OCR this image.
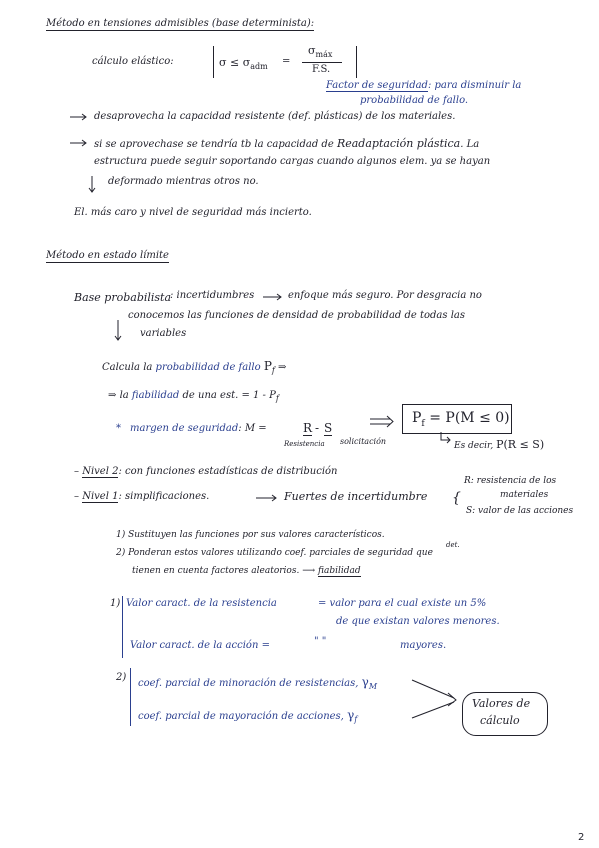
Método en tensiones admisibles (base determinista):
cálculo elástico:	$\sigma \le \sigma_{adm}$ =
$\sigma_{máx}$
F.S.
Factor de seguridad: para disminuir la
probabilidad de fallo.
desaprovecha la capacidad resistente (def. plásticas) de los materiales.
si se aprovechase se tendría tb la capacidad de Readaptación plástica. La
estructura puede seguir soportando cargas cuando algunos elem. ya se hayan
deformado mientras otros no.
El. más caro y nivel de seguridad más incierto.
Método en estado límite
Base probabilista
: incertidumbres	enfoque más seguro. Por desgracia no
conocemos las funciones de densidad de probabilidad de todas las
variables
Calcula la probabilidad de fallo $P_f$ ⇒
⇒ la fiabilidad de una est. = $1 - P_f$
* margen de seguridad: M =	R - S
Resistencia solicitación
$P_f = P(M \le 0)$
Es decir, P(R ≤ S)
– Nivel 2: con funciones estadísticas de distribución
– Nivel 1: simplificaciones.	Fuertes de incertidumbre {
R: resistencia de los
materiales
S: valor de las acciones
1) Sustituyen las funciones por sus valores característicos.
2) Ponderan estos valores utilizando coef. parciales de seguridad que
det.
tienen en cuenta factores aleatorios. ⟶ fiabilidad
1) Valor caract. de la resistencia	= valor para el cual existe un 5%
de que existan valores menores.
Valor caract. de la acción =	" "	mayores.
2)
coef. parcial de minoración de resistencias, $\gamma_M$
coef. parcial de mayoración de acciones, $\gamma_f$
Valores de
cálculo
2
